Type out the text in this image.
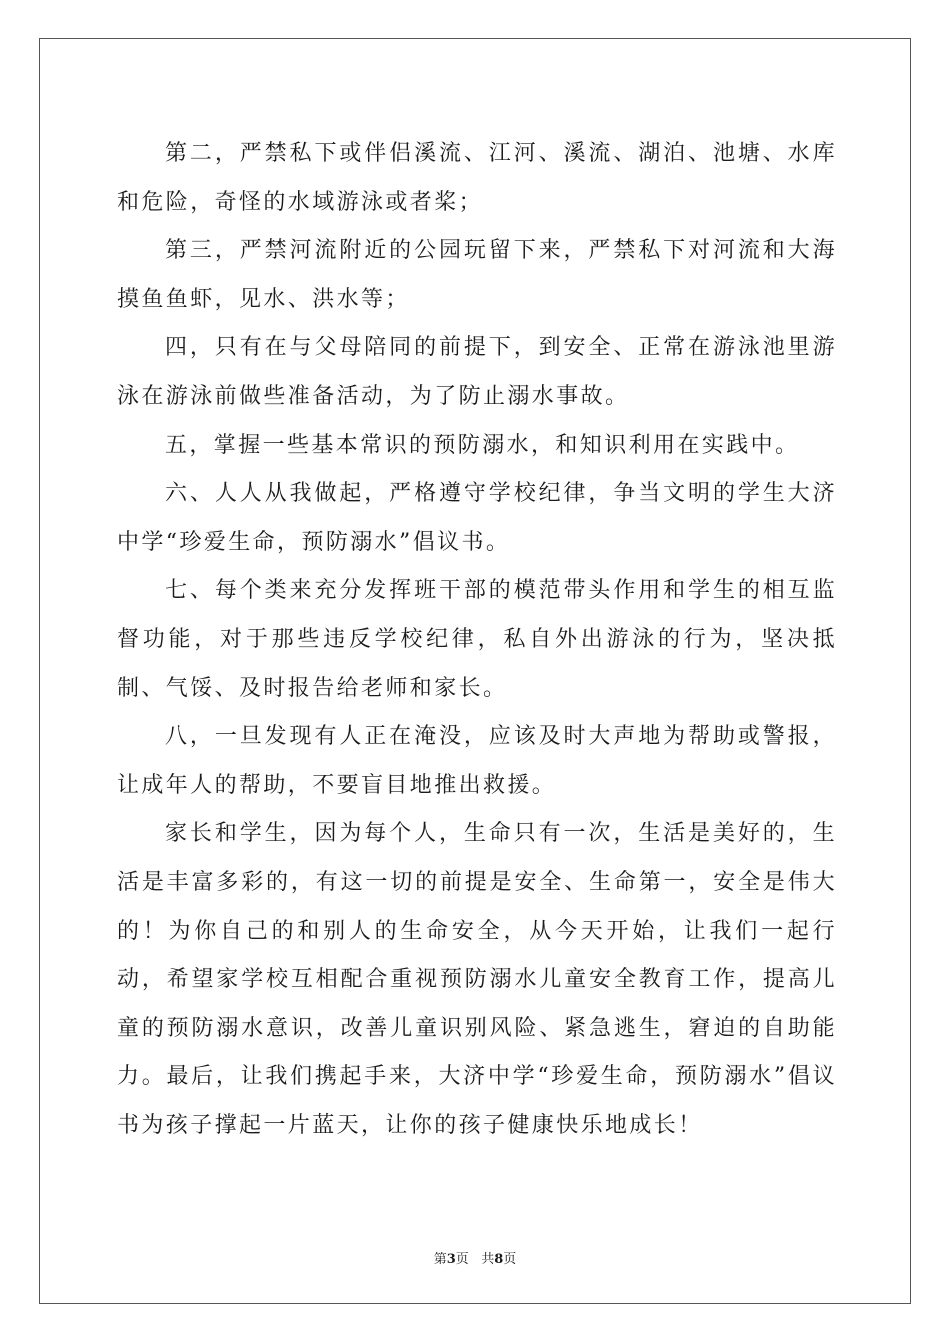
第二，严禁私下或伴侣溪流、江河、溪流、湖泊、池塘、水库和危险，奇怪的水域游泳或者桨；

第三，严禁河流附近的公园玩留下来，严禁私下对河流和大海摸鱼鱼虾，见水、洪水等；

四，只有在与父母陪同的前提下，到安全、正常在游泳池里游泳在游泳前做些准备活动，为了防止溺水事故。

五，掌握一些基本常识的预防溺水，和知识利用在实践中。

六、人人从我做起，严格遵守学校纪律，争当文明的学生大济中学“珍爱生命，预防溺水”倡议书。

七、每个类来充分发挥班干部的模范带头作用和学生的相互监督功能，对于那些违反学校纪律，私自外出游泳的行为，坚决抵制、气馁、及时报告给老师和家长。

八，一旦发现有人正在淹没，应该及时大声地为帮助或警报，让成年人的帮助，不要盲目地推出救援。

家长和学生，因为每个人，生命只有一次，生活是美好的，生活是丰富多彩的，有这一切的前提是安全、生命第一，安全是伟大的！为你自己的和别人的生命安全，从今天开始，让我们一起行动，希望家学校互相配合重视预防溺水儿童安全教育工作，提高儿童的预防溺水意识，改善儿童识别风险、紧急逃生，窘迫的自助能力。最后，让我们携起手来，大济中学“珍爱生命，预防溺水”倡议书为孩子撑起一片蓝天，让你的孩子健康快乐地成长！

第3页 共8页
